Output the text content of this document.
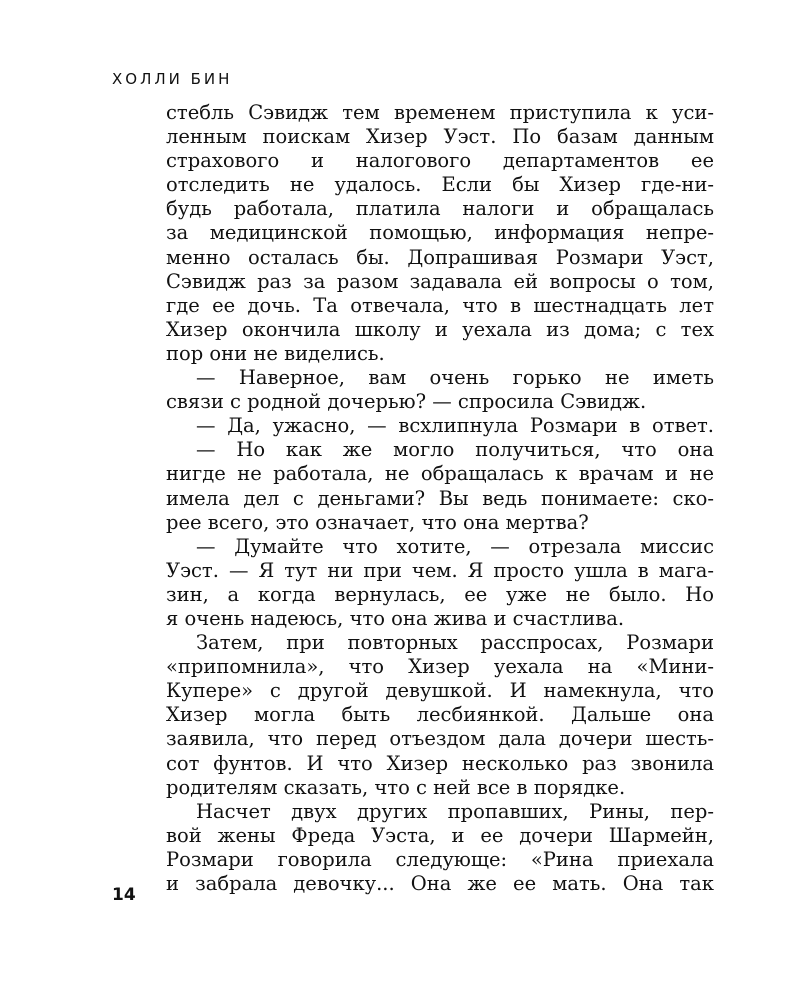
ХОЛЛИ БИН
стебль Сэвидж тем временем приступила к уси-
ленным поискам Хизер Уэст. По базам данным
страхового и налогового департаментов ее
отследить не удалось. Если бы Хизер где-ни-
будь работала, платила налоги и обращалась
за медицинской помощью, информация непре-
менно осталась бы. Допрашивая Розмари Уэст,
Сэвидж раз за разом задавала ей вопросы о том,
где ее дочь. Та отвечала, что в шестнадцать лет
Хизер окончила школу и уехала из дома; с тех
пор они не виделись.
— Наверное, вам очень горько не иметь
связи с родной дочерью? — спросила Сэвидж.
— Да, ужасно, — всхлипнула Розмари в ответ.
— Но как же могло получиться, что она
нигде не работала, не обращалась к врачам и не
имела дел с деньгами? Вы ведь понимаете: ско-
рее всего, это означает, что она мертва?
— Думайте что хотите, — отрезала миссис
Уэст. — Я тут ни при чем. Я просто ушла в мага-
зин, а когда вернулась, ее уже не было. Но
я очень надеюсь, что она жива и счастлива.
Затем, при повторных расспросах, Розмари
«припомнила», что Хизер уехала на «Мини-
Купере» с другой девушкой. И намекнула, что
Хизер могла быть лесбиянкой. Дальше она
заявила, что перед отъездом дала дочери шесть-
сот фунтов. И что Хизер несколько раз звонила
родителям сказать, что с ней все в порядке.
Насчет двух других пропавших, Рины, пер-
вой жены Фреда Уэста, и ее дочери Шармейн,
Розмари говорила следующе: «Рина приехала
и забрала девочку... Она же ее мать. Она так
14
